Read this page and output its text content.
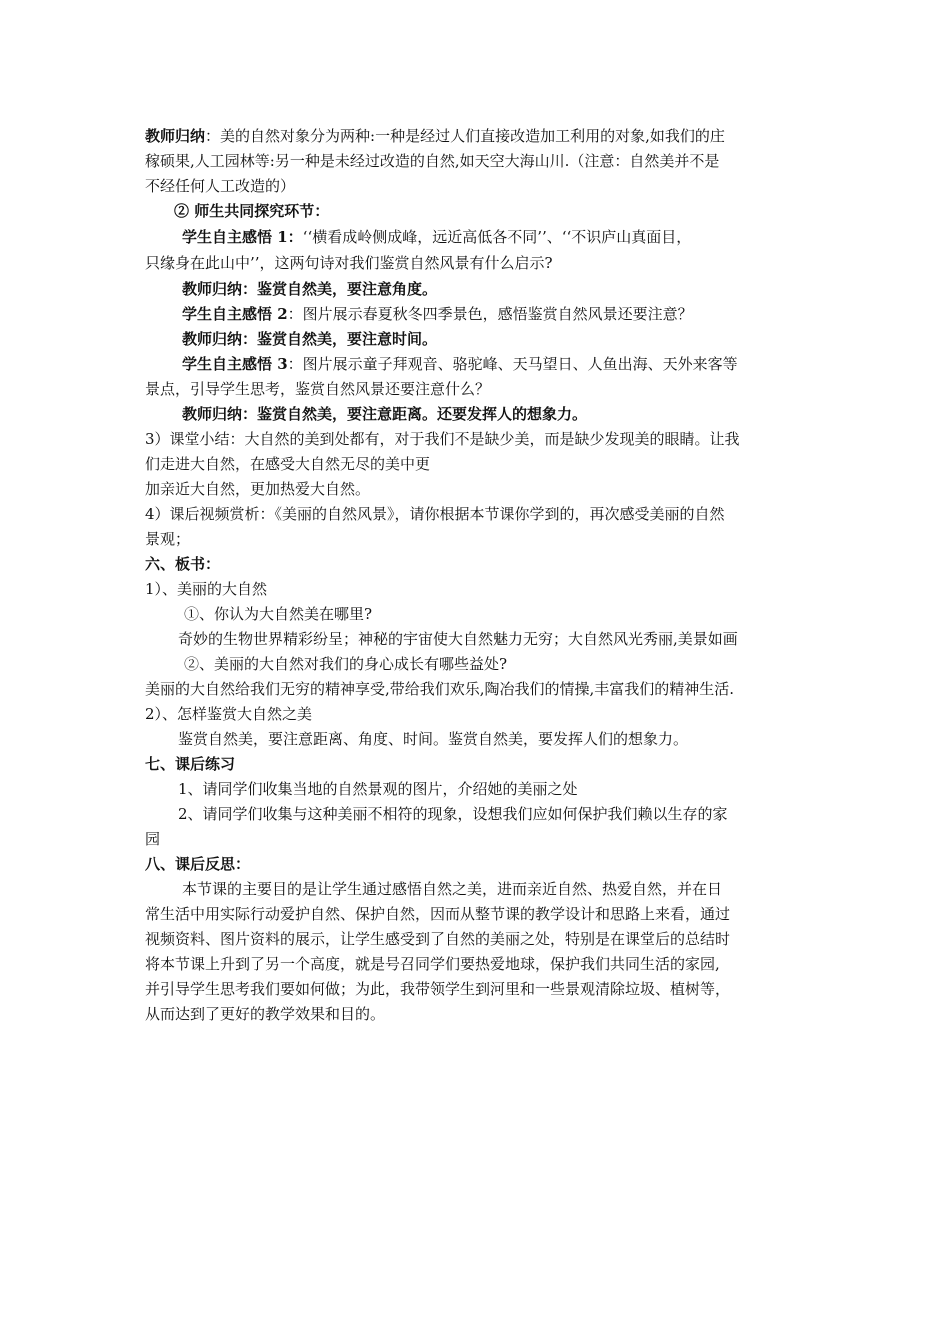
教师归纳：美的自然对象分为两种:一种是经过人们直接改造加工利用的对象,如我们的庄
稼硕果,人工园林等:另一种是未经过改造的自然,如天空大海山川.（注意：自然美并不是
不经任何人工改造的）
② 师生共同探究环节：
学生自主感悟 1：‘‘横看成岭侧成峰，远近高低各不同’’、‘‘不识庐山真面目，
只缘身在此山中’’，这两句诗对我们鉴赏自然风景有什么启示?
教师归纳：鉴赏自然美，要注意角度。
学生自主感悟 2：图片展示春夏秋冬四季景色，感悟鉴赏自然风景还要注意？
教师归纳：鉴赏自然美，要注意时间。
学生自主感悟 3：图片展示童子拜观音、骆驼峰、天马望日、人鱼出海、天外来客等
景点，引导学生思考，鉴赏自然风景还要注意什么？
教师归纳：鉴赏自然美，要注意距离。还要发挥人的想象力。
3）课堂小结：大自然的美到处都有，对于我们不是缺少美，而是缺少发现美的眼睛。让我
们走进大自然，在感受大自然无尽的美中更
加亲近大自然，更加热爱大自然。
4）课后视频赏析：《美丽的自然风景》，请你根据本节课你学到的，再次感受美丽的自然
景观；
六、板书：
1）、美丽的大自然
①、你认为大自然美在哪里?
奇妙的生物世界精彩纷呈；神秘的宇宙使大自然魅力无穷；大自然风光秀丽,美景如画
②、美丽的大自然对我们的身心成长有哪些益处?
美丽的大自然给我们无穷的精神享受,带给我们欢乐,陶冶我们的情操,丰富我们的精神生活.
2）、怎样鉴赏大自然之美
鉴赏自然美，要注意距离、角度、时间。鉴赏自然美，要发挥人们的想象力。
七、课后练习
1、请同学们收集当地的自然景观的图片，介绍她的美丽之处
2、请同学们收集与这种美丽不相符的现象，设想我们应如何保护我们赖以生存的家
园
八、课后反思：
本节课的主要目的是让学生通过感悟自然之美，进而亲近自然、热爱自然，并在日
常生活中用实际行动爱护自然、保护自然，因而从整节课的教学设计和思路上来看，通过
视频资料、图片资料的展示，让学生感受到了自然的美丽之处，特别是在课堂后的总结时
将本节课上升到了另一个高度，就是号召同学们要热爱地球，保护我们共同生活的家园,
并引导学生思考我们要如何做；为此，我带领学生到河里和一些景观清除垃圾、植树等，
从而达到了更好的教学效果和目的。
